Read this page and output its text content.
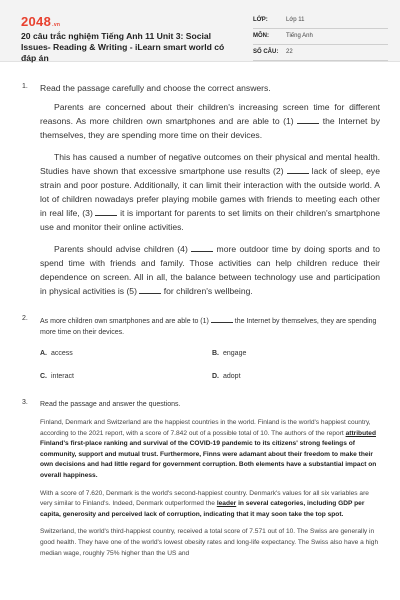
2048.vn
20 câu trắc nghiệm Tiếng Anh 11 Unit 3: Social Issues- Reading & Writing - iLearn smart world có đáp án
LỚP:	Lớp 11
MÔN:	Tiếng Anh
SỐ CÂU: 22
1. Read the passage carefully and choose the correct answers.

Parents are concerned about their children's increasing screen time for different reasons. As more children own smartphones and are able to (1)	the Internet by themselves, they are spending more time on their devices.

This has caused a number of negative outcomes on their physical and mental health. Studies have shown that excessive smartphone use results (2)	lack of sleep, eye strain and poor posture. Additionally, it can limit their interaction with the outside world. A lot of children nowadays prefer playing mobile games with friends to meeting each other in real life, (3)	it is important for parents to set limits on their children's smartphone use and monitor their online activities.

Parents should advise children (4)	more outdoor time by doing sports and to spend time with friends and family. Those activities can help children reduce their dependence on screen. All in all, the balance between technology use and participation in physical activities is (5)	for children's wellbeing.

2. As more children own smartphones and are able to (1)	the Internet by themselves, they are spending more time on their devices.
A. access	B. engage
C. interact	D. adopt
3. Read the passage and answer the questions.

Finland, Denmark and Switzerland are the happiest countries in the world. Finland is the world's happiest country, according to the 2021 report, with a score of 7.842 out of a possible total of 10. The authors of the report attributed Finland's first-place ranking and survival of the COVID-19 pandemic to its citizens' strong feelings of community, support and mutual trust. Furthermore, Finns were adamant about their freedom to make their own decisions and had little regard for government corruption. Both elements have a substantial impact on overall happiness.

With a score of 7.620, Denmark is the world's second-happiest country. Denmark's values for all six variables are very similar to Finland's. Indeed, Denmark outperformed the leader in several categories, including GDP per capita, generosity and perceived lack of corruption, indicating that it may soon take the top spot.

Switzerland, the world's third-happiest country, received a total score of 7.571 out of 10. The Swiss are generally in good health. They have one of the world's lowest obesity rates and long-life expectancy. The Swiss also have a high median wage, roughly 75% higher than the US and
